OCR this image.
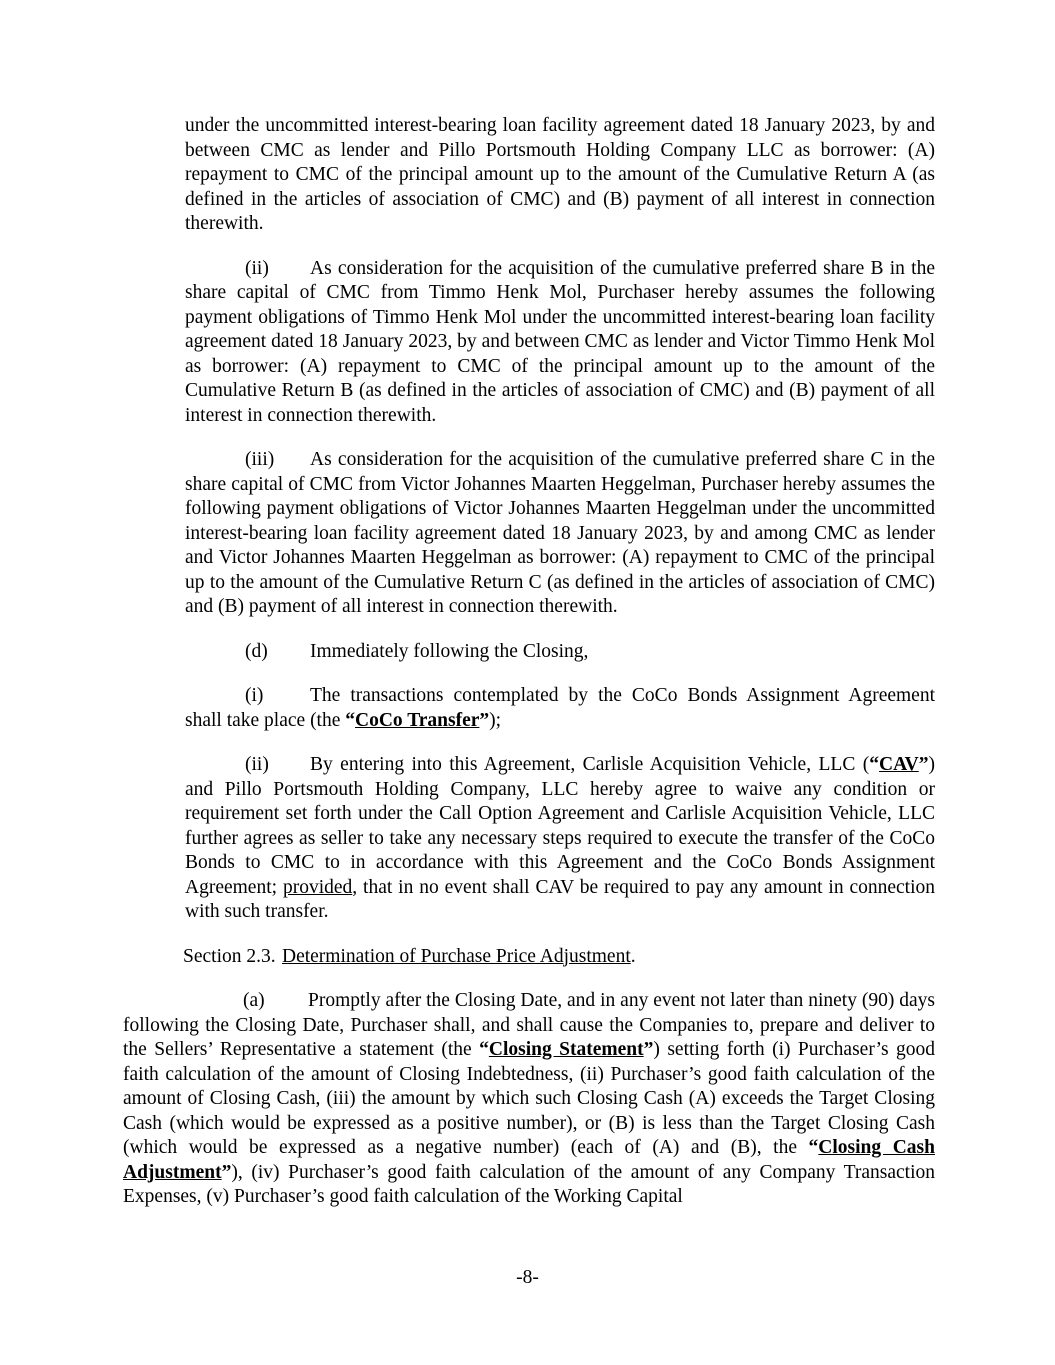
under the uncommitted interest-bearing loan facility agreement dated 18 January 2023, by and between CMC as lender and Pillo Portsmouth Holding Company LLC as borrower: (A) repayment to CMC of the principal amount up to the amount of the Cumulative Return A (as defined in the articles of association of CMC) and (B) payment of all interest in connection therewith.

(ii) As consideration for the acquisition of the cumulative preferred share B in the share capital of CMC from Timmo Henk Mol, Purchaser hereby assumes the following payment obligations of Timmo Henk Mol under the uncommitted interest-bearing loan facility agreement dated 18 January 2023, by and between CMC as lender and Victor Timmo Henk Mol as borrower: (A) repayment to CMC of the principal amount up to the amount of the Cumulative Return B (as defined in the articles of association of CMC) and (B) payment of all interest in connection therewith.

(iii) As consideration for the acquisition of the cumulative preferred share C in the share capital of CMC from Victor Johannes Maarten Heggelman, Purchaser hereby assumes the following payment obligations of Victor Johannes Maarten Heggelman under the uncommitted interest-bearing loan facility agreement dated 18 January 2023, by and among CMC as lender and Victor Johannes Maarten Heggelman as borrower: (A) repayment to CMC of the principal up to the amount of the Cumulative Return C (as defined in the articles of association of CMC) and (B) payment of all interest in connection therewith.

(d) Immediately following the Closing,

(i) The transactions contemplated by the CoCo Bonds Assignment Agreement shall take place (the “CoCo Transfer”);

(ii) By entering into this Agreement, Carlisle Acquisition Vehicle, LLC (“CAV”) and Pillo Portsmouth Holding Company, LLC hereby agree to waive any condition or requirement set forth under the Call Option Agreement and Carlisle Acquisition Vehicle, LLC further agrees as seller to take any necessary steps required to execute the transfer of the CoCo Bonds to CMC to in accordance with this Agreement and the CoCo Bonds Assignment Agreement; provided, that in no event shall CAV be required to pay any amount in connection with such transfer.

Section 2.3. Determination of Purchase Price Adjustment.

(a) Promptly after the Closing Date, and in any event not later than ninety (90) days following the Closing Date, Purchaser shall, and shall cause the Companies to, prepare and deliver to the Sellers’ Representative a statement (the “Closing Statement”) setting forth (i) Purchaser’s good faith calculation of the amount of Closing Indebtedness, (ii) Purchaser’s good faith calculation of the amount of Closing Cash, (iii) the amount by which such Closing Cash (A) exceeds the Target Closing Cash (which would be expressed as a positive number), or (B) is less than the Target Closing Cash (which would be expressed as a negative number) (each of (A) and (B), the “Closing Cash Adjustment”), (iv) Purchaser’s good faith calculation of the amount of any Company Transaction Expenses, (v) Purchaser’s good faith calculation of the Working Capital

-8-
